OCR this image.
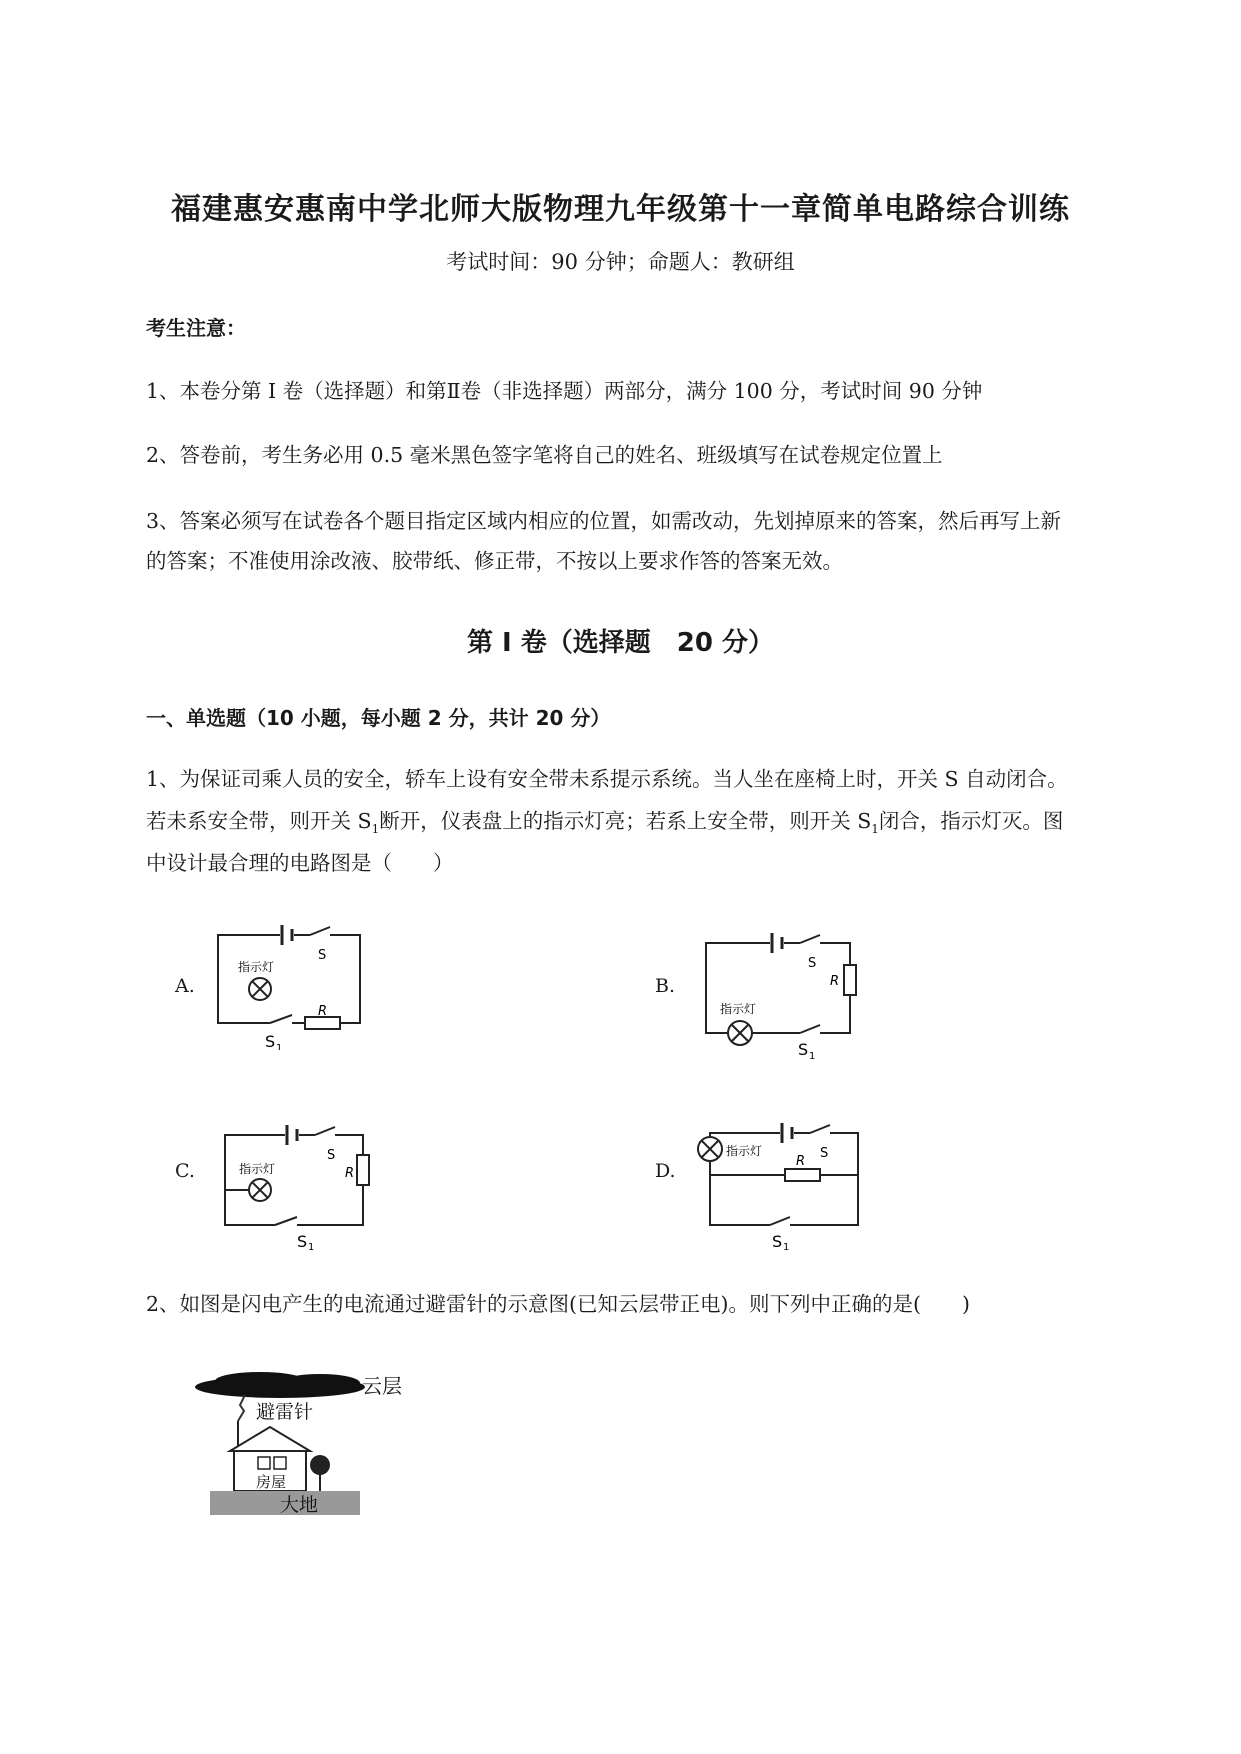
福建惠安惠南中学北师大版物理九年级第十一章简单电路综合训练
考试时间：90 分钟；命题人：教研组
考生注意：
1、本卷分第 I 卷（选择题）和第Ⅱ卷（非选择题）两部分，满分 100 分，考试时间 90 分钟
2、答卷前，考生务必用 0.5 毫米黑色签字笔将自己的姓名、班级填写在试卷规定位置上
3、答案必须写在试卷各个题目指定区域内相应的位置，如需改动，先划掉原来的答案，然后再写上新
的答案；不准使用涂改液、胶带纸、修正带，不按以上要求作答的答案无效。
第 I 卷（选择题　20 分）
一、单选题（10 小题，每小题 2 分，共计 20 分）
1、为保证司乘人员的安全，轿车上设有安全带未系提示系统。当人坐在座椅上时，开关 S 自动闭合。
若未系安全带，则开关 $S_1$断开，仪表盘上的指示灯亮；若系上安全带，则开关 $S_1$闭合，指示灯灭。图
中设计最合理的电路图是（　　）
A.	B.
C.	D.
指示灯
S
R
S 1
指示灯
S
R
S 1
指示灯
S
R
S 1
指示灯	S
R
S 1
2、如图是闪电产生的电流通过避雷针的示意图(已知云层带正电)。则下列中正确的是(　　)
云层
避雷针
房屋
大地
